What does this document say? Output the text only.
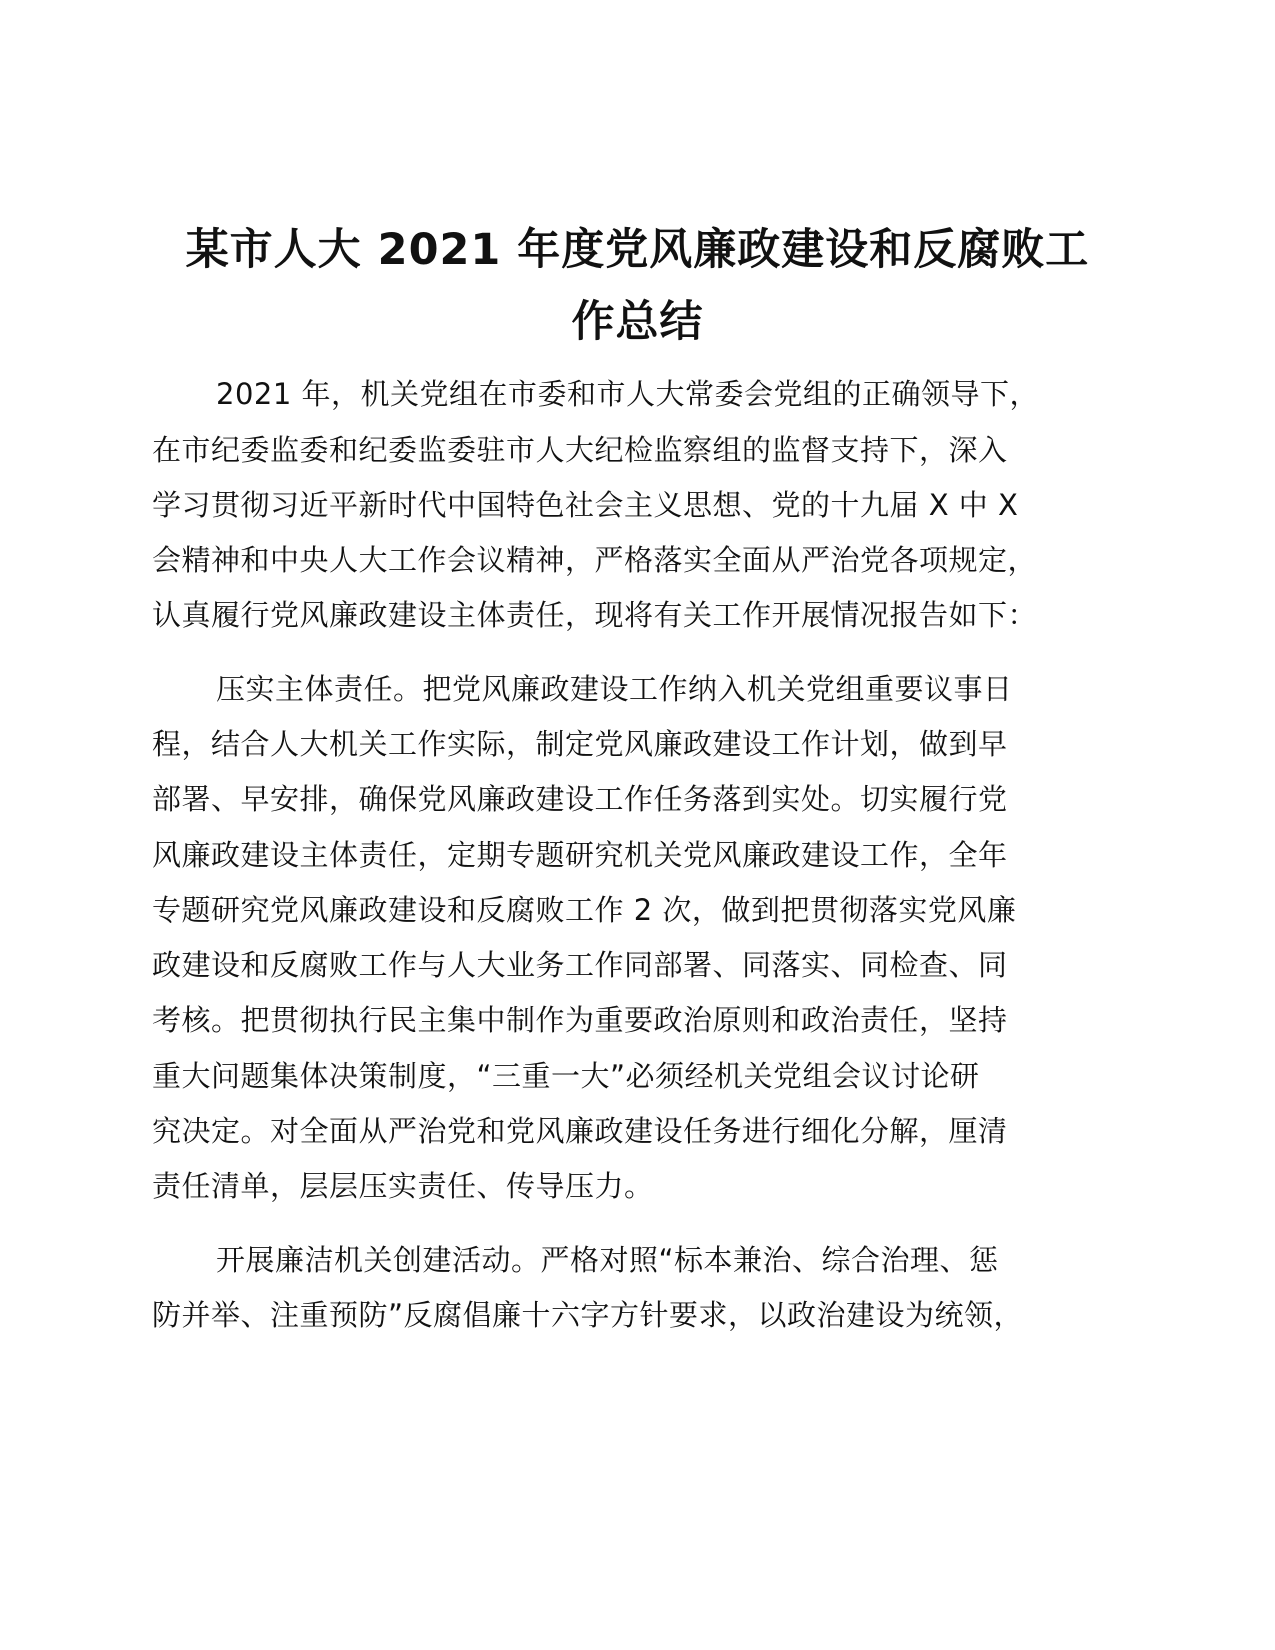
某市人大 2021 年度党风廉政建设和反腐败工
作总结
2021 年，机关党组在市委和市人大常委会党组的正确领导下，
在市纪委监委和纪委监委驻市人大纪检监察组的监督支持下，深入
学习贯彻习近平新时代中国特色社会主义思想、党的十九届 X 中 X
会精神和中央人大工作会议精神，严格落实全面从严治党各项规定，
认真履行党风廉政建设主体责任，现将有关工作开展情况报告如下：
压实主体责任。把党风廉政建设工作纳入机关党组重要议事日
程，结合人大机关工作实际，制定党风廉政建设工作计划，做到早
部署、早安排，确保党风廉政建设工作任务落到实处。切实履行党
风廉政建设主体责任，定期专题研究机关党风廉政建设工作，全年
专题研究党风廉政建设和反腐败工作 2 次，做到把贯彻落实党风廉
政建设和反腐败工作与人大业务工作同部署、同落实、同检查、同
考核。把贯彻执行民主集中制作为重要政治原则和政治责任，坚持
重大问题集体决策制度，“三重一大”必须经机关党组会议讨论研
究决定。对全面从严治党和党风廉政建设任务进行细化分解，厘清
责任清单，层层压实责任、传导压力。
开展廉洁机关创建活动。严格对照“标本兼治、综合治理、惩
防并举、注重预防”反腐倡廉十六字方针要求，以政治建设为统领，
